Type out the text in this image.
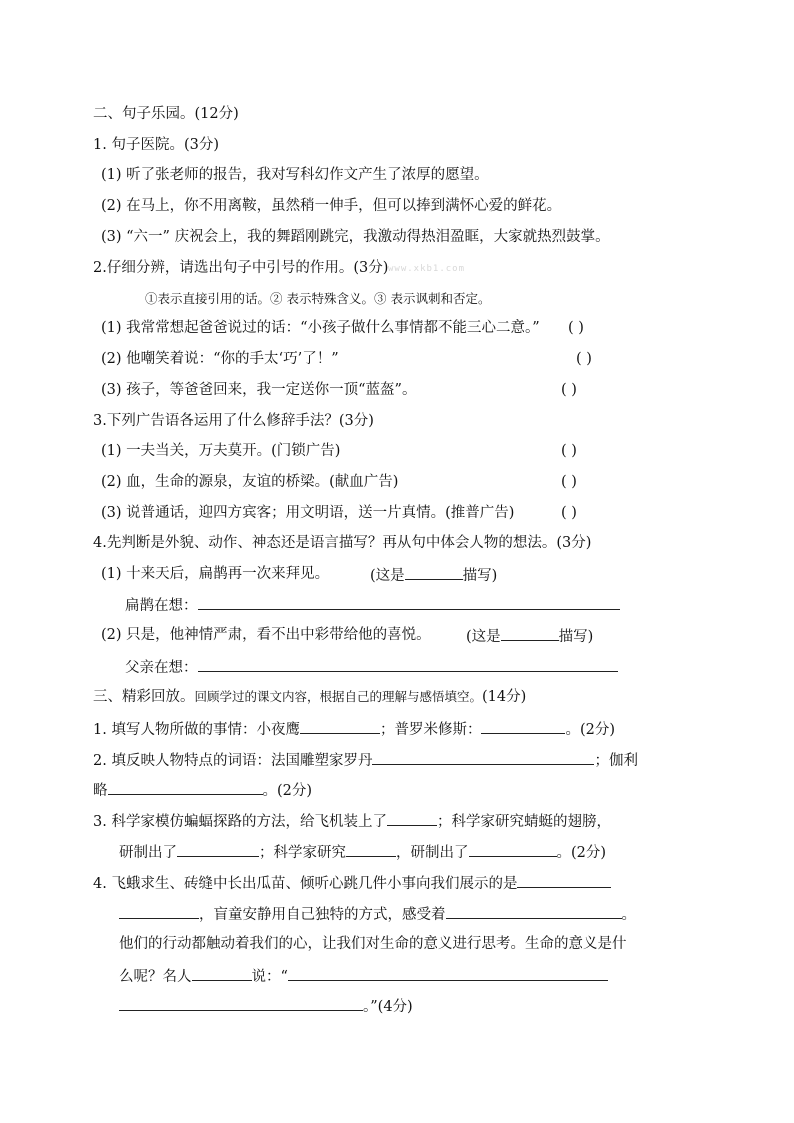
www.xkb1.com
二、句子乐园。(12分)
1. 句子医院。(3分)
(1) 听了张老师的报告，我对写科幻作文产生了浓厚的愿望。
(2) 在马上，你不用离鞍，虽然稍一伸手，但可以捧到满怀心爱的鲜花。
(3) “六一” 庆祝会上，我的舞蹈刚跳完，我激动得热泪盈眶，大家就热烈鼓掌。
2.仔细分辨，请选出句子中引号的作用。(3分)
①表示直接引用的话。② 表示特殊含义。③ 表示讽刺和否定。
(1) 我常常想起爸爸说过的话：“小孩子做什么事情都不能三心二意。” ( )
(2) 他嘲笑着说：“你的手太‘巧’了！”	( )
(3) 孩子，等爸爸回来，我一定送你一顶“蓝盔”。	( )
3.下列广告语各运用了什么修辞手法？(3分)
(1) 一夫当关，万夫莫开。(门锁广告)	( )
(2) 血，生命的源泉，友谊的桥梁。(献血广告)	( )
(3) 说普通话，迎四方宾客；用文明语，送一片真情。(推普广告)	( )
4.先判断是外貌、动作、神态还是语言描写？再从句中体会人物的想法。(3分)
(1) 十来天后，扁鹊再一次来拜见。	(这是	描写)
扁鹊在想：
(2) 只是，他神情严肃，看不出中彩带给他的喜悦。 (这是	描写)
父亲在想：
三、精彩回放。回顾学过的课文内容，根据自己的理解与感悟填空。(14分)
1. 填写人物所做的事情：小夜鹰	；普罗米修斯：	。(2分)
2. 填反映人物特点的词语：法国雕塑家罗丹	；伽利
略	。(2分)
3. 科学家模仿蝙蝠探路的方法，给飞机装上了	；科学家研究蜻蜓的翅膀，
研制出了	；科学家研究	，研制出了	。(2分)
4. 飞蛾求生、砖缝中长出瓜苗、倾听心跳几件小事向我们展示的是
，盲童安静用自己独特的方式，感受着	。
他们的行动都触动着我们的心，让我们对生命的意义进行思考。生命的意义是什
么呢？名人	说：“
。”(4分)
